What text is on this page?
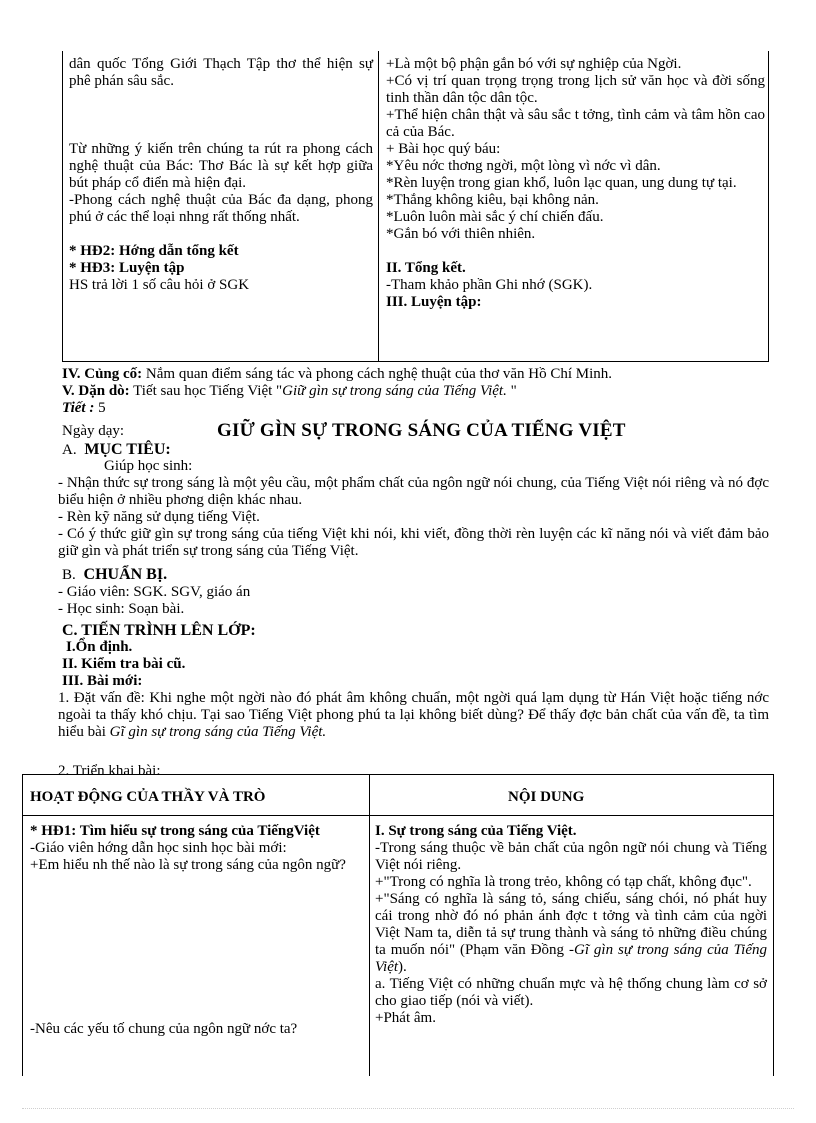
dân quốc Tổng Giới Thạch Tập thơ thể hiện sự phê phán sâu sắc.

Từ những ý kiến trên chúng ta rút ra phong cách nghệ thuật của Bác: Thơ Bác là sự kết hợp giữa bút pháp cổ điển mà hiện đại.

-Phong cách nghệ thuật của Bác đa dạng, phong phú ở các thể loại nhng rất thống nhất.

* HĐ2: Hớng dẫn tổng kết

* HĐ3: Luyện tập

HS trả lời 1 số câu hỏi ở SGK

+Là một bộ phận gắn bó với sự nghiệp của Ngời.

+Có vị trí quan trọng trọng trong lịch sử văn học và đời sống tinh thần dân tộc dân tộc.

+Thể hiện chân thật và sâu sắc t tởng, tình cảm và tâm hồn cao cả của Bác.

+ Bài học quý báu:

*Yêu nớc thơng ngời, một lòng vì nớc vì dân.

*Rèn luyện trong gian khổ, luôn lạc quan, ung dung tự tại.

*Thắng không kiêu, bại không nản.

*Luôn luôn mài sắc ý chí chiến đấu.

*Gắn bó với thiên nhiên.

II. Tổng kết.

-Tham khảo phần Ghi nhớ (SGK).

III. Luyện tập:

IV. Củng cố: Nắm quan điểm sáng tác và phong cách nghệ thuật của thơ văn Hồ Chí Minh.
V. Dặn dò: Tiết sau học Tiếng Việt "Giữ gìn sự trong sáng của Tiếng Việt. "
Tiết : 5
Ngày dạy:	GIỮ GÌN SỰ TRONG SÁNG CỦA TIẾNG VIỆT
A. MỤC TIÊU:
Giúp học sinh:

- Nhận thức sự trong sáng là một yêu cầu, một phẩm chất của ngôn ngữ nói chung, của Tiếng Việt nói riêng và nó đợc biểu hiện ở nhiều phơng diện khác nhau.

- Rèn kỹ năng sử dụng tiếng Việt.

- Có ý thức giữ gìn sự trong sáng của tiếng Việt khi nói, khi viết, đồng thời rèn luyện các kĩ năng nói và viết đảm bảo giữ gìn và phát triển sự trong sáng của Tiếng Việt.

B. CHUẨN BỊ.

- Giáo viên: SGK. SGV, giáo án

- Học sinh: Soạn bài.

C. TIẾN TRÌNH LÊN LỚP:
I.Ổn định.
II. Kiểm tra bài cũ.
III. Bài mới:

1. Đặt vấn đề: Khi nghe một ngời nào đó phát âm không chuẩn, một ngời quá lạm dụng từ Hán Việt hoặc tiếng nớc ngoài ta thấy khó chịu. Tại sao Tiếng Việt phong phú ta lại không biết dùng? Để thấy đợc bản chất của vấn đề, ta tìm hiểu bài Gĩ gìn sự trong sáng của Tiếng Việt.

2. Triển khai bài:
HOẠT ĐỘNG CỦA THẦY VÀ TRÒ	NỘI DUNG

* HĐ1: Tìm hiểu sự trong sáng của TiếngViệt

-Giáo viên hớng dẫn học sinh học bài mới:

+Em hiểu nh thế nào là sự trong sáng của ngôn ngữ?

-Nêu các yếu tố chung của ngôn ngữ nớc ta?

I. Sự trong sáng của Tiếng Việt.

-Trong sáng thuộc về bản chất của ngôn ngữ nói chung và Tiếng Việt nói riêng.

+"Trong có nghĩa là trong trẻo, không có tạp chất, không đục".

+"Sáng có nghĩa là sáng tỏ, sáng chiếu, sáng chói, nó phát huy cái trong nhờ đó nó phản ánh đợc t tởng và tình cảm của ngời Việt Nam ta, diễn tả sự trung thành và sáng tỏ những điều chúng ta muốn nói" (Phạm văn Đồng -Gĩ gìn sự trong sáng của Tiếng Việt).

a. Tiếng Việt có những chuẩn mực và hệ thống chung làm cơ sở cho giao tiếp (nói và viết).

+Phát âm.
